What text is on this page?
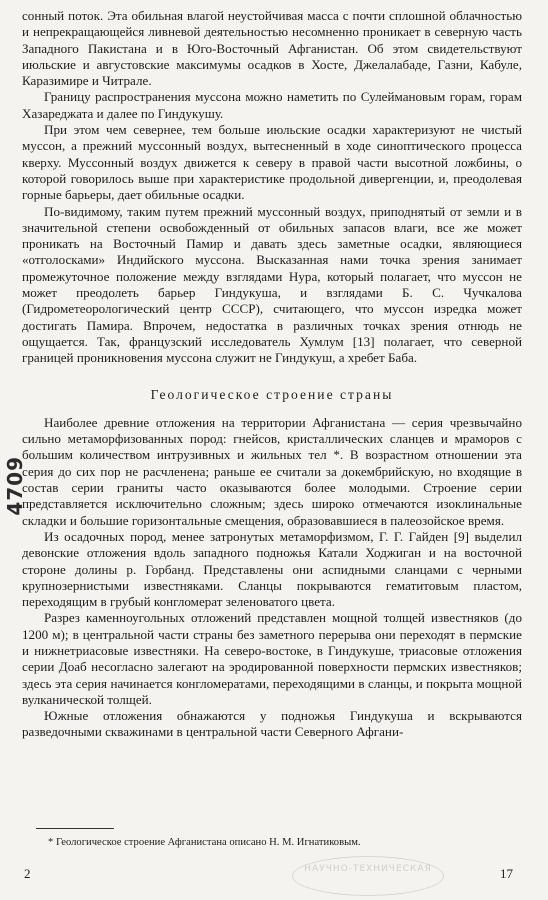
сонный поток. Эта обильная влагой неустойчивая масса с почти сплошной облачностью и непрекращающейся ливневой деятельностью несомненно проникает в северную часть Западного Пакистана и в Юго-Восточный Афганистан. Об этом свидетельствуют июльские и августовские максимумы осадков в Хосте, Джелалабаде, Газни, Кабуле, Каразимире и Читрале.

Границу распространения муссона можно наметить по Сулеймановым горам, горам Хазареджата и далее по Гиндукушу.

При этом чем севернее, тем больше июльские осадки характеризуют не чистый муссон, а прежний муссонный воздух, вытесненный в ходе синоптического процесса кверху. Муссонный воздух движется к северу в правой части высотной ложбины, о которой говорилось выше при характеристике продольной дивергенции, и, преодолевая горные барьеры, дает обильные осадки.

По-видимому, таким путем прежний муссонный воздух, приподнятый от земли и в значительной степени освобожденный от обильных запасов влаги, все же может проникать на Восточный Памир и давать здесь заметные осадки, являющиеся «отголосками» Индийского муссона. Высказанная нами точка зрения занимает промежуточное положение между взглядами Нура, который полагает, что муссон не может преодолеть барьер Гиндукуша, и взглядами Б. С. Чучкалова (Гидрометеорологический центр СССР), считающего, что муссон изредка может достигать Памира. Впрочем, недостатка в различных точках зрения отнюдь не ощущается. Так, французский исследователь Хумлум [13] полагает, что северной границей проникновения муссона служит не Гиндукуш, а хребет Баба.

Геологическое строение страны

Наиболее древние отложения на территории Афганистана — серия чрезвычайно сильно метаморфизованных пород: гнейсов, кристаллических сланцев и мраморов с большим количеством интрузивных и жильных тел *. В возрастном отношении эта серия до сих пор не расчленена; раньше ее считали за докембрийскую, но входящие в состав серии граниты часто оказываются более молодыми. Строение серии представляется исключительно сложным; здесь широко отмечаются изоклинальные складки и большие горизонтальные смещения, образовавшиеся в палеозойское время.

Из осадочных пород, менее затронутых метаморфизмом, Г. Г. Гайден [9] выделил девонские отложения вдоль западного подножья Катали Ходжиган и на восточной стороне долины р. Горбанд. Представлены они аспидными сланцами с черными крупнозернистыми известняками. Сланцы покрываются гематитовым пластом, переходящим в грубый конгломерат зеленоватого цвета.

Разрез каменноугольных отложений представлен мощной толщей известняков (до 1200 м); в центральной части страны без заметного перерыва они переходят в пермские и нижнетриасовые известняки. На северо-востоке, в Гиндукуше, триасовые отложения серии Доаб несогласно залегают на эродированной поверхности пермских известняков; здесь эта серия начинается конгломератами, переходящими в сланцы, и покрыта мощной вулканической толщей.

Южные отложения обнажаются у подножья Гиндукуша и вскрываются разведочными скважинами в центральной части Северного Афгани-

4709
* Геологическое строение Афганистана описано Н. М. Игнатиковым.
НАУЧНО-ТЕХНИЧЕСКАЯ
2	17
